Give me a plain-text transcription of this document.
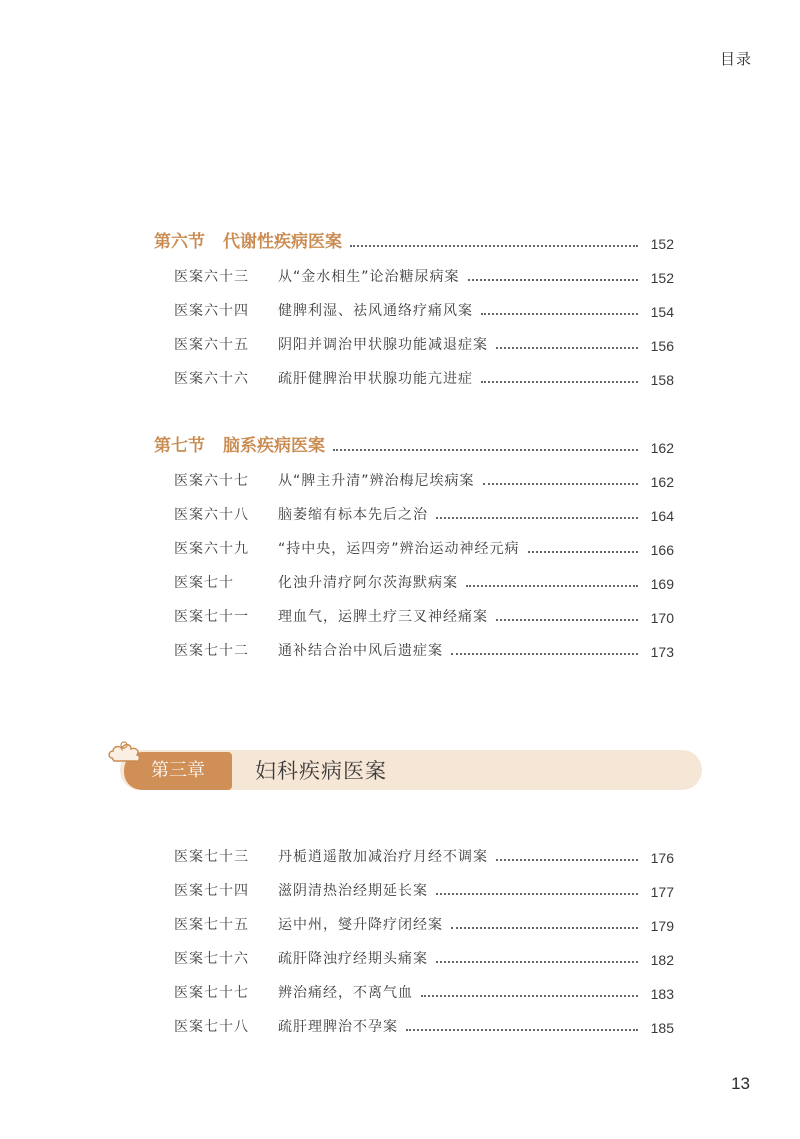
目录
第六节 代谢性疾病医案	152
医案六十三	从“金水相生”论治糖尿病案	152
医案六十四	健脾利湿、祛风通络疗痛风案	154
医案六十五	阴阳并调治甲状腺功能减退症案	156
医案六十六	疏肝健脾治甲状腺功能亢进症	158
第七节 脑系疾病医案	162
医案六十七	从“脾主升清”辨治梅尼埃病案	162
医案六十八	脑萎缩有标本先后之治	164
医案六十九	“持中央，运四旁”辨治运动神经元病	166
医案七十	化浊升清疗阿尔茨海默病案	169
医案七十一	理血气，运脾土疗三叉神经痛案	170
医案七十二	通补结合治中风后遗症案	173
第三章	妇科疾病医案
医案七十三	丹栀逍遥散加减治疗月经不调案	176
医案七十四	滋阴清热治经期延长案	177
医案七十五	运中州，燮升降疗闭经案	179
医案七十六	疏肝降浊疗经期头痛案	182
医案七十七	辨治痛经，不离气血	183
医案七十八	疏肝理脾治不孕案	185
13
